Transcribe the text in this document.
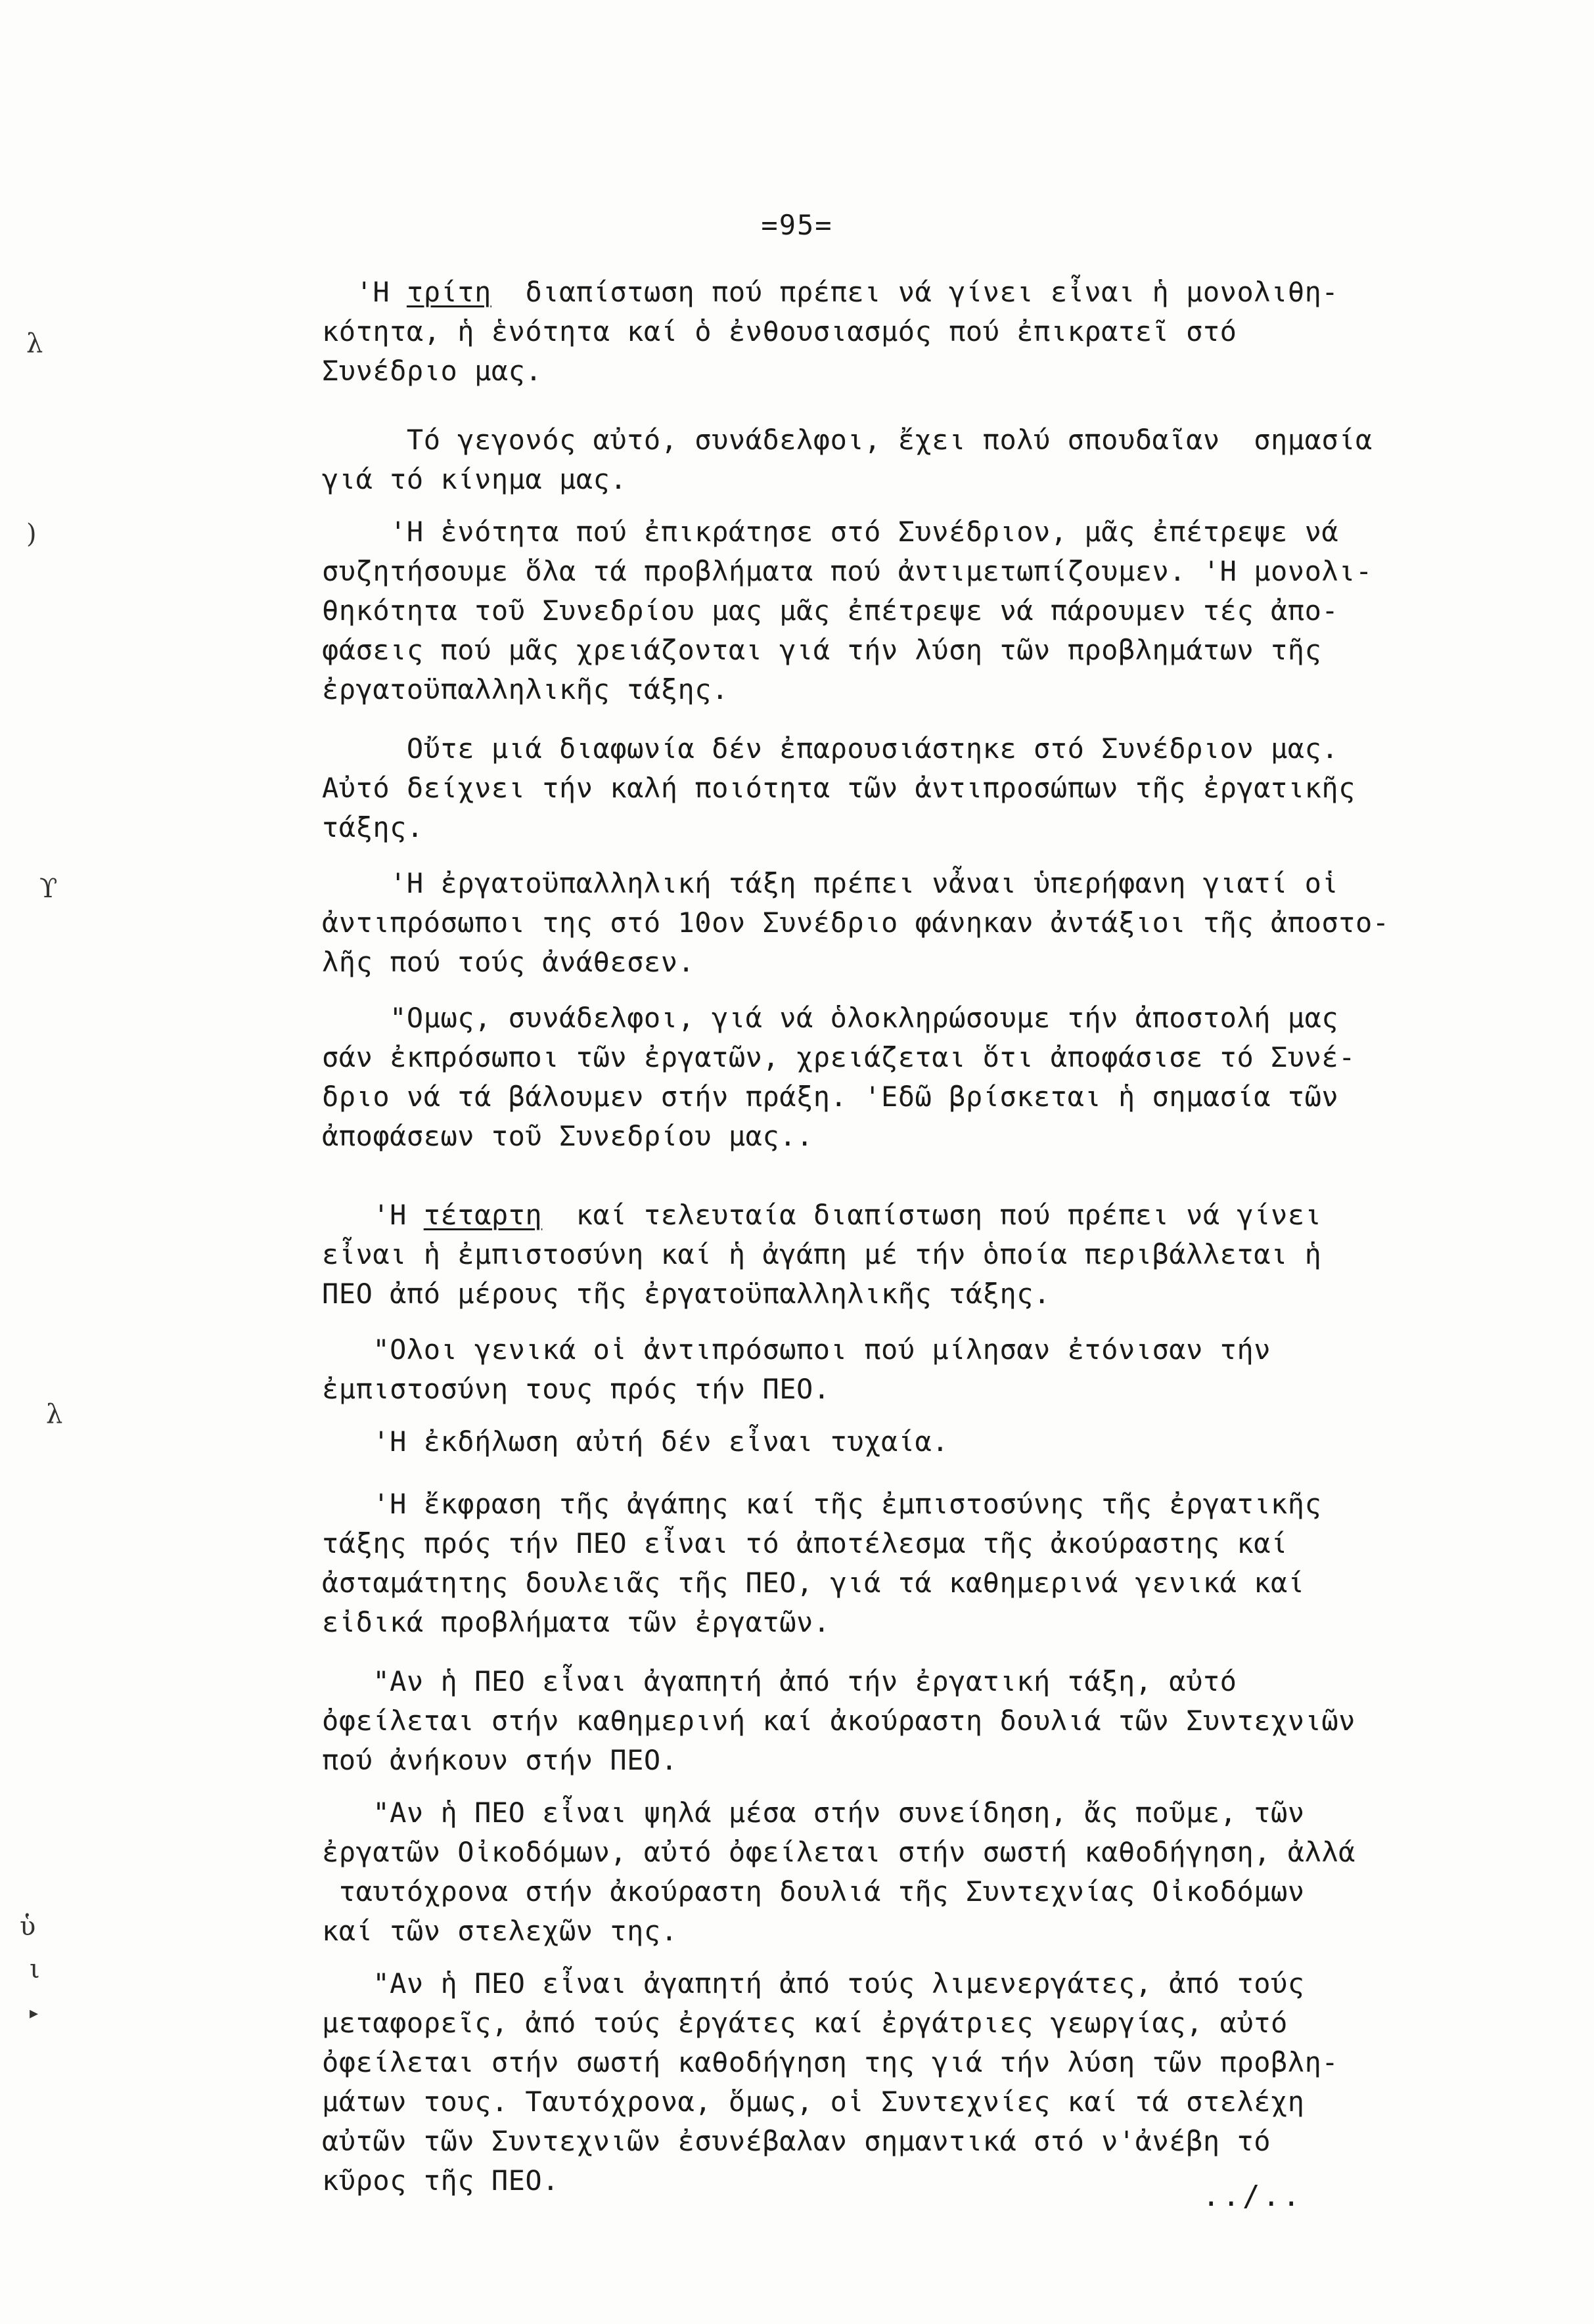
=95=
λ
)
ϒ
λ
ὑ
ι
▸
'Η τρίτη  διαπίστωση πού πρέπει νά γίνει εἶναι ἡ μονολιθη-
κότητα, ἡ ἑνότητα καί ὁ ἐνθουσιασμός πού ἐπικρατεῖ στό
Συνέδριο μας.
Τό γεγονός αὐτό, συνάδελφοι, ἔχει πολύ σπουδαῖαν  σημασία
γιά τό κίνημα μας.
'Η ἑνότητα πού ἐπικράτησε στό Συνέδριον, μᾶς ἐπέτρεψε νά
συζητήσουμε ὅλα τά προβλήματα πού ἀντιμετωπίζουμεν. 'Η μονολι-
θηκότητα τοῦ Συνεδρίου μας μᾶς ἐπέτρεψε νά πάρουμεν τές ἀπο-
φάσεις πού μᾶς χρειάζονται γιά τήν λύση τῶν προβλημάτων τῆς
ἐργατοϋπαλληλικῆς τάξης.
Οὔτε μιά διαφωνία δέν ἐπαρουσιάστηκε στό Συνέδριον μας.
Αὐτό δείχνει τήν καλή ποιότητα τῶν ἀντιπροσώπων τῆς ἐργατικῆς
τάξης.
'Η ἐργατοϋπαλληλική τάξη πρέπει νἆναι ὑπερήφανη γιατί οἱ
ἀντιπρόσωποι της στό 10ον Συνέδριο φάνηκαν ἀντάξιοι τῆς ἀποστο-
λῆς πού τούς ἀνάθεσεν.
"Ομως, συνάδελφοι, γιά νά ὁλοκληρώσουμε τήν ἀποστολή μας
σάν ἐκπρόσωποι τῶν ἐργατῶν, χρειάζεται ὅτι ἀποφάσισε τό Συνέ-
δριο νά τά βάλουμεν στήν πράξη. 'Εδῶ βρίσκεται ἡ σημασία τῶν
ἀποφάσεων τοῦ Συνεδρίου μας..
'Η τέταρτη  καί τελευταία διαπίστωση πού πρέπει νά γίνει
εἶναι ἡ ἐμπιστοσύνη καί ἡ ἀγάπη μέ τήν ὁποία περιβάλλεται ἡ
ΠΕΟ ἀπό μέρους τῆς ἐργατοϋπαλληλικῆς τάξης.
"Ολοι γενικά οἱ ἀντιπρόσωποι πού μίλησαν ἐτόνισαν τήν
ἐμπιστοσύνη τους πρός τήν ΠΕΟ.
'Η ἐκδήλωση αὐτή δέν εἶναι τυχαία.
'Η ἔκφραση τῆς ἀγάπης καί τῆς ἐμπιστοσύνης τῆς ἐργατικῆς
τάξης πρός τήν ΠΕΟ εἶναι τό ἀποτέλεσμα τῆς ἀκούραστης καί
ἀσταμάτητης δουλειᾶς τῆς ΠΕΟ, γιά τά καθημερινά γενικά καί
εἰδικά προβλήματα τῶν ἐργατῶν.
"Αν ἡ ΠΕΟ εἶναι ἀγαπητή ἀπό τήν ἐργατική τάξη, αὐτό
ὀφείλεται στήν καθημερινή καί ἀκούραστη δουλιά τῶν Συντεχνιῶν
πού ἀνήκουν στήν ΠΕΟ.
"Αν ἡ ΠΕΟ εἶναι ψηλά μέσα στήν συνείδηση, ἄς ποῦμε, τῶν
ἐργατῶν Οἰκοδόμων, αὐτό ὀφείλεται στήν σωστή καθοδήγηση, ἀλλά
ταυτόχρονα στήν ἀκούραστη δουλιά τῆς Συντεχνίας Οἰκοδόμων
καί τῶν στελεχῶν της.
"Αν ἡ ΠΕΟ εἶναι ἀγαπητή ἀπό τούς λιμενεργάτες, ἀπό τούς
μεταφορεῖς, ἀπό τούς ἐργάτες καί ἐργάτριες γεωργίας, αὐτό
ὀφείλεται στήν σωστή καθοδήγηση της γιά τήν λύση τῶν προβλη-
μάτων τους. Ταυτόχρονα, ὅμως, οἱ Συντεχνίες καί τά στελέχη
αὐτῶν τῶν Συντεχνιῶν ἐσυνέβαλαν σημαντικά στό ν'ἀνέβη τό
κῦρος τῆς ΠΕΟ.	../..
